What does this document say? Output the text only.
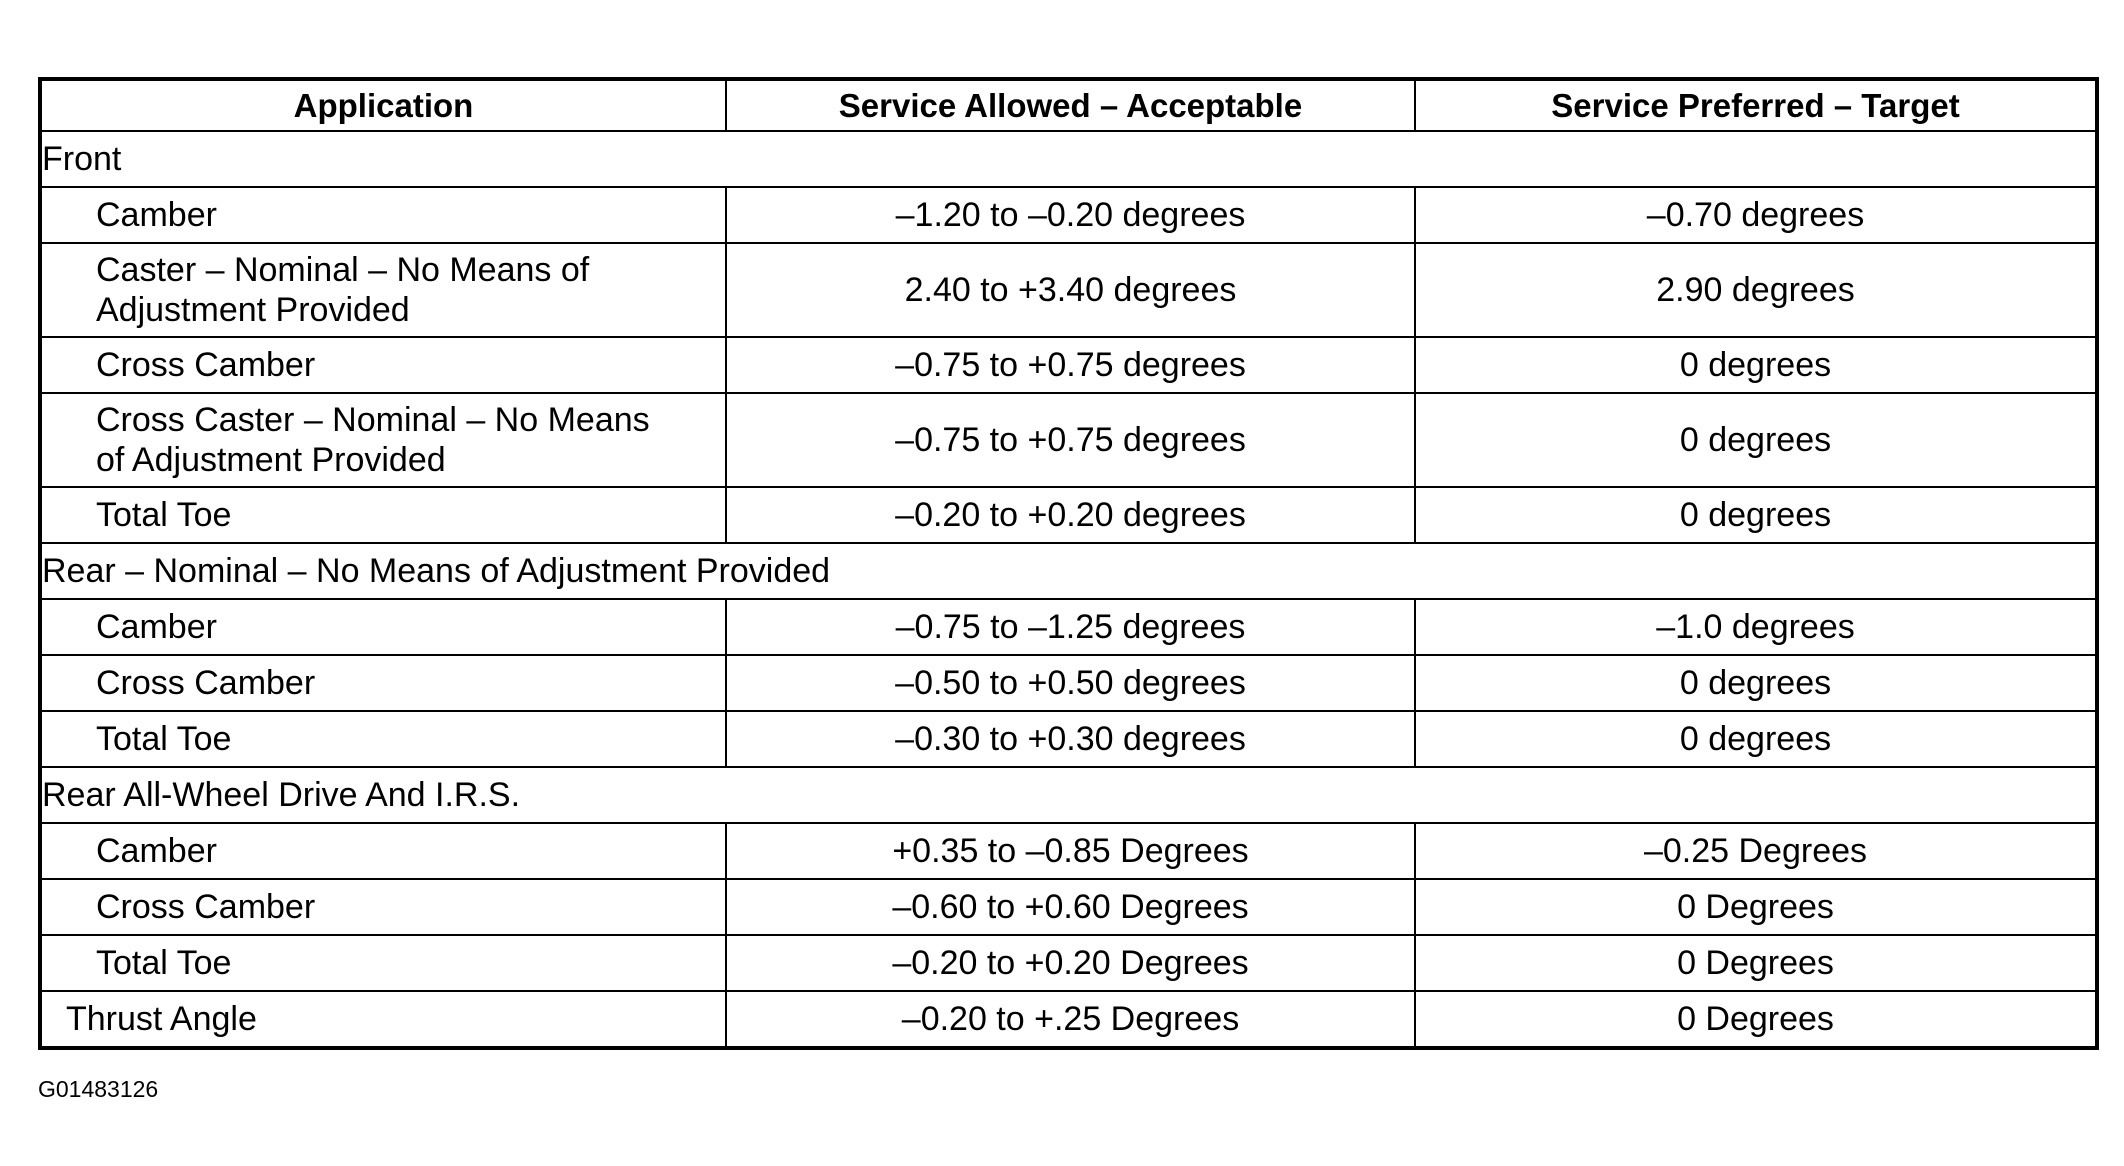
Application	Service Allowed – Acceptable	Service Preferred – Target
Front		
Camber	–1.20 to –0.20 degrees	–0.70 degrees
Caster – Nominal – No Means of
Adjustment Provided	2.40 to +3.40 degrees	2.90 degrees
Cross Camber	–0.75 to +0.75 degrees	0 degrees
Cross Caster – Nominal – No Means
of Adjustment Provided	–0.75 to +0.75 degrees	0 degrees
Total Toe	–0.20 to +0.20 degrees	0 degrees
Rear – Nominal – No Means of Adjustment Provided		
Camber	–0.75 to –1.25 degrees	–1.0 degrees
Cross Camber	–0.50 to +0.50 degrees	0 degrees
Total Toe	–0.30 to +0.30 degrees	0 degrees
Rear All-Wheel Drive And I.R.S.		
Camber	+0.35 to –0.85 Degrees	–0.25 Degrees
Cross Camber	–0.60 to +0.60 Degrees	0 Degrees
Total Toe	–0.20 to +0.20 Degrees	0 Degrees
Thrust Angle	–0.20 to +.25 Degrees	0 Degrees
G01483126
